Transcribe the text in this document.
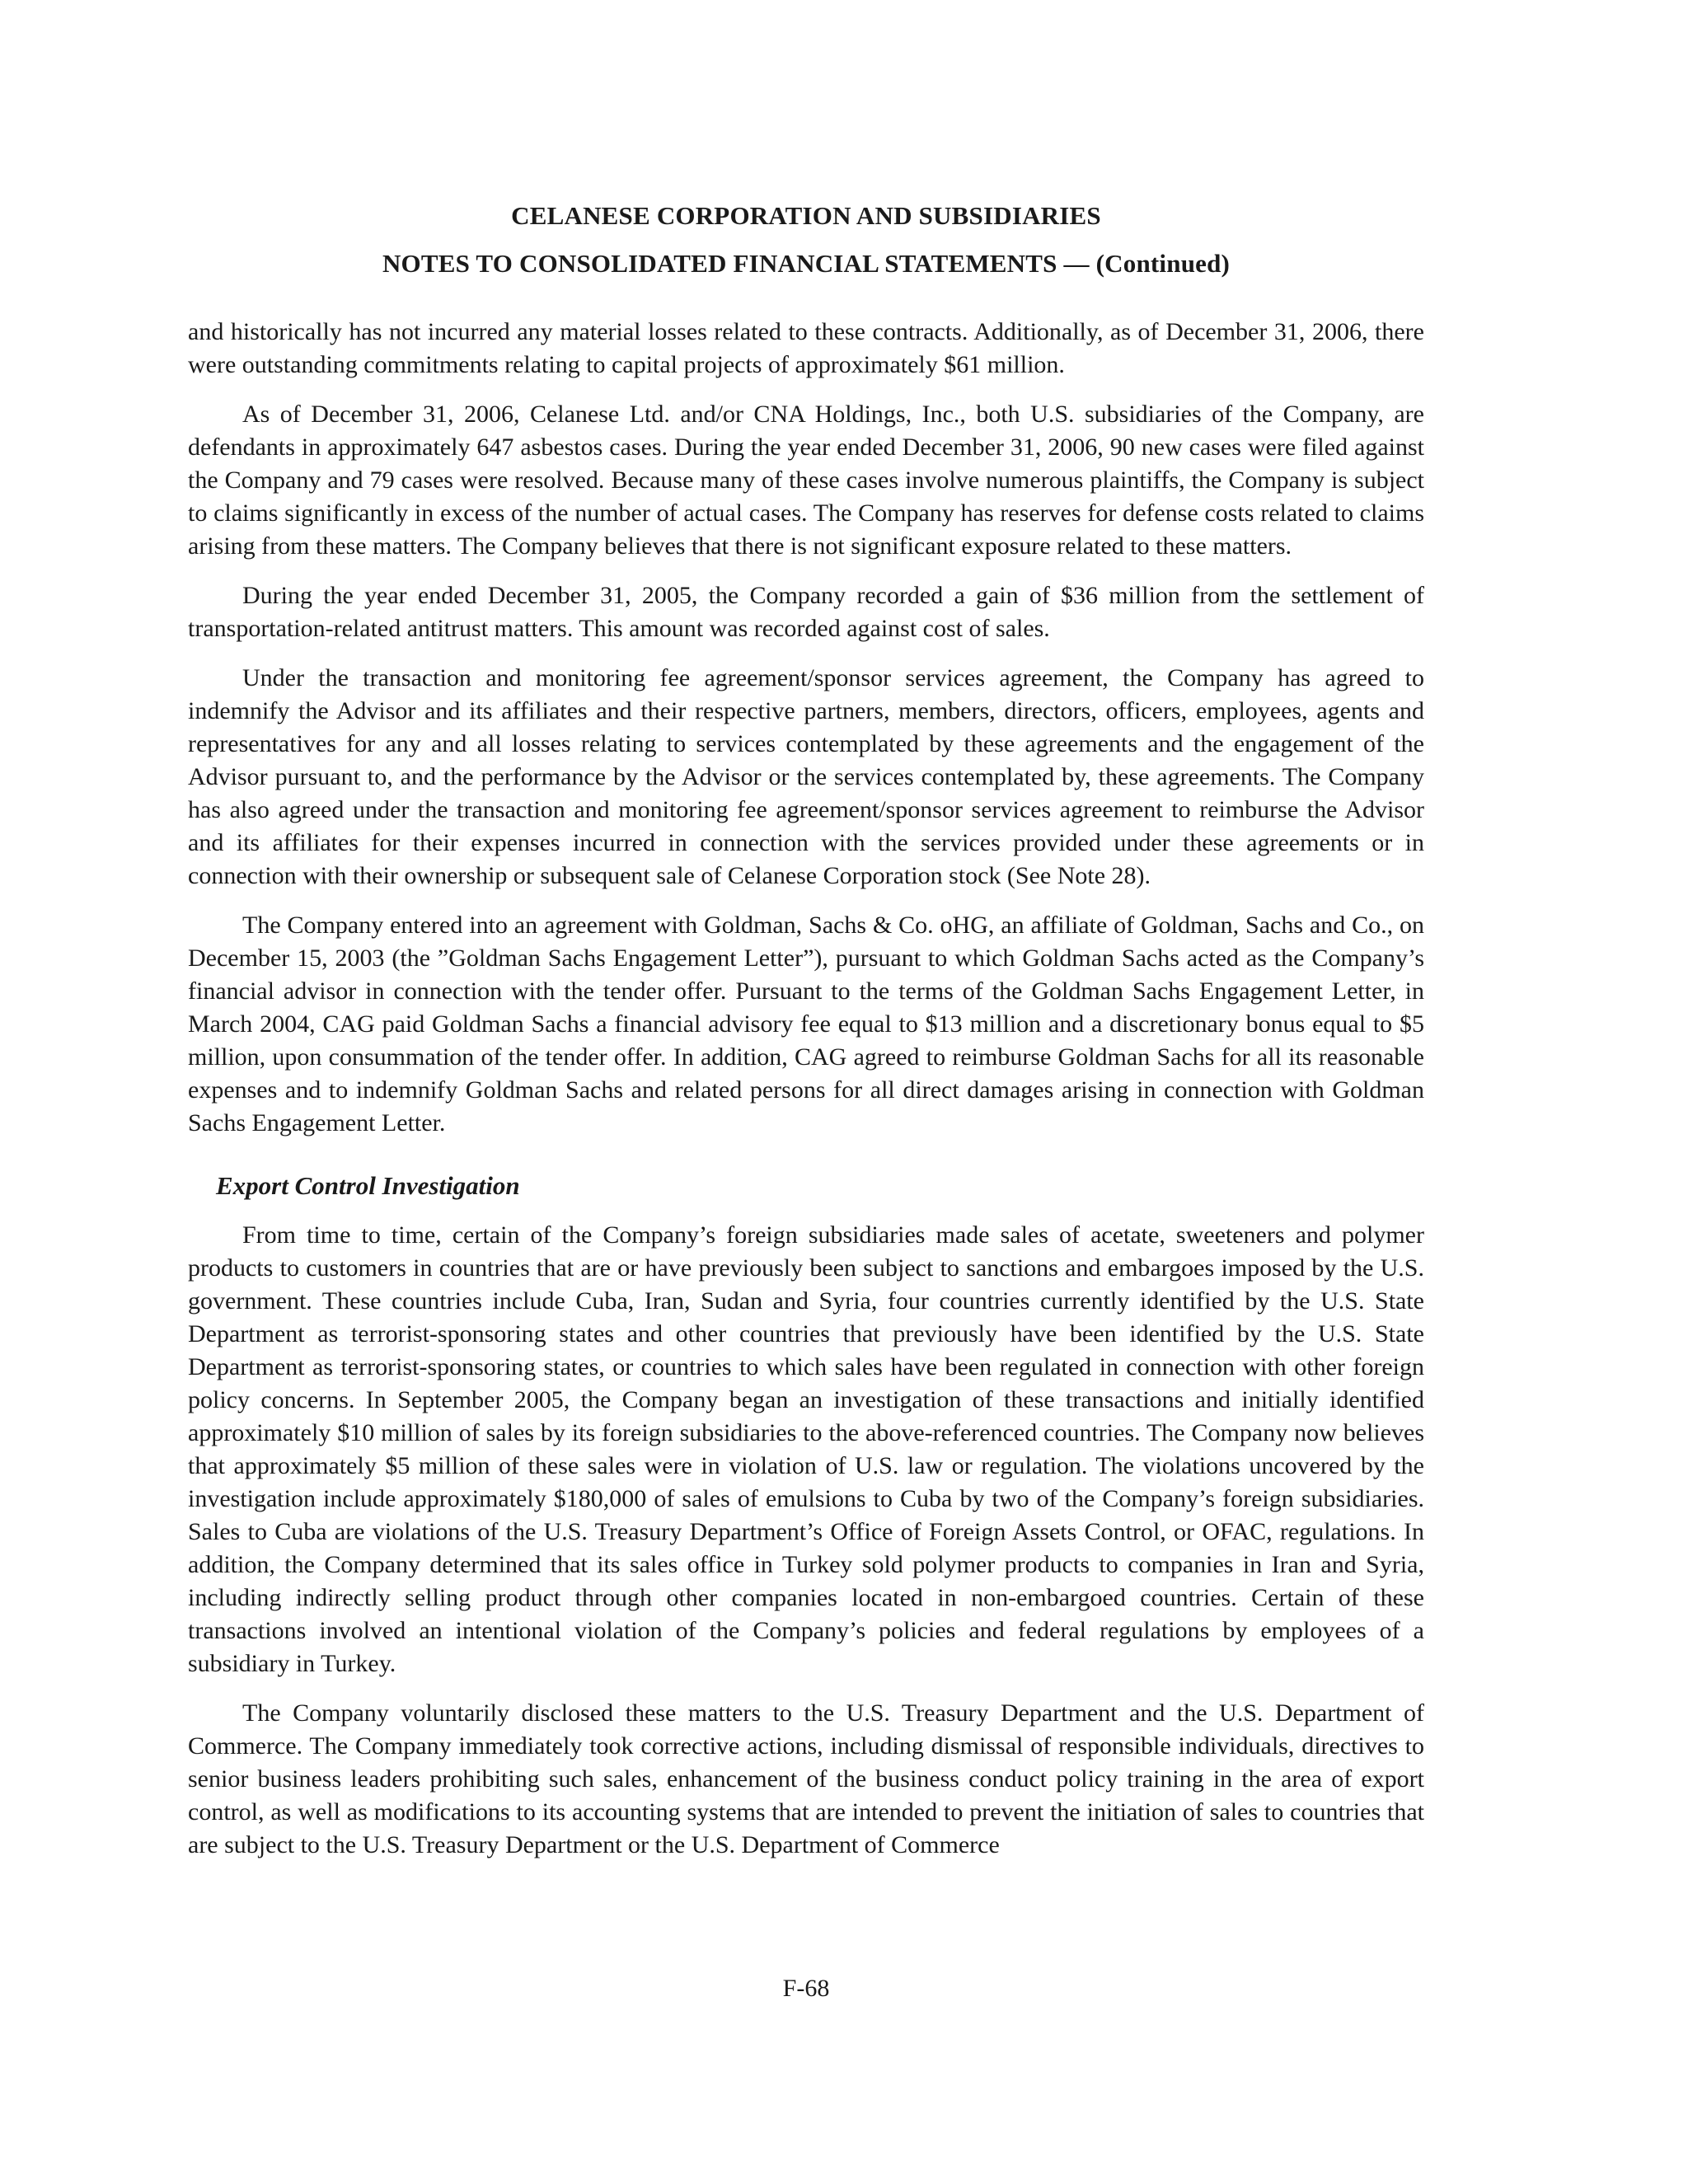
CELANESE CORPORATION AND SUBSIDIARIES
NOTES TO CONSOLIDATED FINANCIAL STATEMENTS — (Continued)

and historically has not incurred any material losses related to these contracts. Additionally, as of December 31, 2006, there were outstanding commitments relating to capital projects of approximately $61 million.

As of December 31, 2006, Celanese Ltd. and/or CNA Holdings, Inc., both U.S. subsidiaries of the Company, are defendants in approximately 647 asbestos cases. During the year ended December 31, 2006, 90 new cases were filed against the Company and 79 cases were resolved. Because many of these cases involve numerous plaintiffs, the Company is subject to claims significantly in excess of the number of actual cases. The Company has reserves for defense costs related to claims arising from these matters. The Company believes that there is not significant exposure related to these matters.

During the year ended December 31, 2005, the Company recorded a gain of $36 million from the settlement of transportation-related antitrust matters. This amount was recorded against cost of sales.

Under the transaction and monitoring fee agreement/sponsor services agreement, the Company has agreed to indemnify the Advisor and its affiliates and their respective partners, members, directors, officers, employees, agents and representatives for any and all losses relating to services contemplated by these agreements and the engagement of the Advisor pursuant to, and the performance by the Advisor or the services contemplated by, these agreements. The Company has also agreed under the transaction and monitoring fee agreement/sponsor services agreement to reimburse the Advisor and its affiliates for their expenses incurred in connection with the services provided under these agreements or in connection with their ownership or subsequent sale of Celanese Corporation stock (See Note 28).

The Company entered into an agreement with Goldman, Sachs & Co. oHG, an affiliate of Goldman, Sachs and Co., on December 15, 2003 (the ”Goldman Sachs Engagement Letter”), pursuant to which Goldman Sachs acted as the Company’s financial advisor in connection with the tender offer. Pursuant to the terms of the Goldman Sachs Engagement Letter, in March 2004, CAG paid Goldman Sachs a financial advisory fee equal to $13 million and a discretionary bonus equal to $5 million, upon consummation of the tender offer. In addition, CAG agreed to reimburse Goldman Sachs for all its reasonable expenses and to indemnify Goldman Sachs and related persons for all direct damages arising in connection with Goldman Sachs Engagement Letter.

Export Control Investigation

From time to time, certain of the Company’s foreign subsidiaries made sales of acetate, sweeteners and polymer products to customers in countries that are or have previously been subject to sanctions and embargoes imposed by the U.S. government. These countries include Cuba, Iran, Sudan and Syria, four countries currently identified by the U.S. State Department as terrorist-sponsoring states and other countries that previously have been identified by the U.S. State Department as terrorist-sponsoring states, or countries to which sales have been regulated in connection with other foreign policy concerns. In September 2005, the Company began an investigation of these transactions and initially identified approximately $10 million of sales by its foreign subsidiaries to the above-referenced countries. The Company now believes that approximately $5 million of these sales were in violation of U.S. law or regulation. The violations uncovered by the investigation include approximately $180,000 of sales of emulsions to Cuba by two of the Company’s foreign subsidiaries. Sales to Cuba are violations of the U.S. Treasury Department’s Office of Foreign Assets Control, or OFAC, regulations. In addition, the Company determined that its sales office in Turkey sold polymer products to companies in Iran and Syria, including indirectly selling product through other companies located in non-embargoed countries. Certain of these transactions involved an intentional violation of the Company’s policies and federal regulations by employees of a subsidiary in Turkey.

The Company voluntarily disclosed these matters to the U.S. Treasury Department and the U.S. Department of Commerce. The Company immediately took corrective actions, including dismissal of responsible individuals, directives to senior business leaders prohibiting such sales, enhancement of the business conduct policy training in the area of export control, as well as modifications to its accounting systems that are intended to prevent the initiation of sales to countries that are subject to the U.S. Treasury Department or the U.S. Department of Commerce

F-68
